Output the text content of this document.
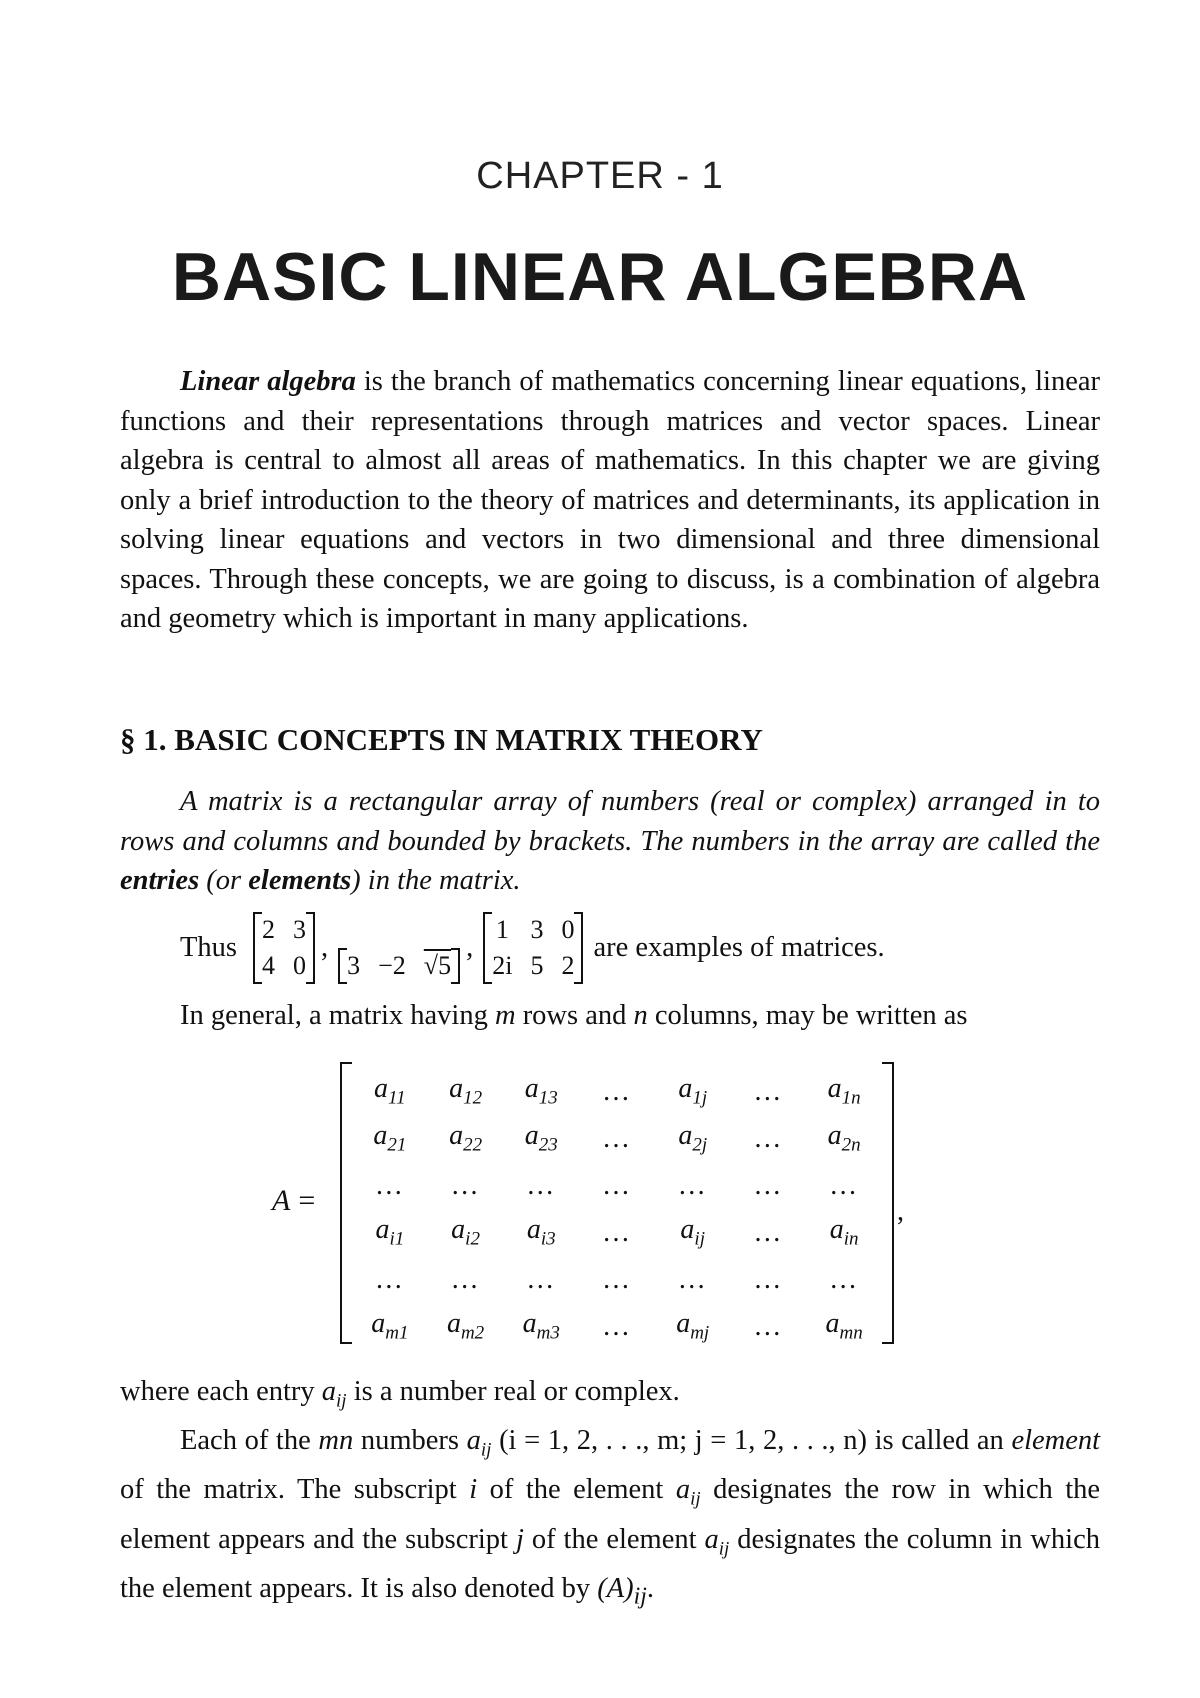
CHAPTER - 1
BASIC LINEAR ALGEBRA

Linear algebra is the branch of mathematics concerning linear equations, linear functions and their representations through matrices and vector spaces. Linear algebra is central to almost all areas of mathematics. In this chapter we are giving only a brief introduction to the theory of matrices and determinants, its application in solving linear equations and vectors in two dimensional and three dimensional spaces. Through these concepts, we are going to discuss, is a combination of algebra and geometry which is important in many applications.

§ 1. BASIC CONCEPTS IN MATRIX THEORY

A matrix is a rectangular array of numbers (real or complex) arranged in to rows and columns and bounded by brackets. The numbers in the array are called the entries (or elements) in the matrix.

Thus
2 3
4 0
,
3 −2 √5
,
1 3 0
2i 5 2
are examples of matrices.
In general, a matrix having m rows and n columns, may be written as
A =
$a_{11}$ $a_{12}$ $a_{13}$ … $a_{1j}$ … $a_{1n}$
$a_{21}$ $a_{22}$ $a_{23}$ … $a_{2j}$ … $a_{2n}$
… … … … … … …
$a_{i1}$ $a_{i2}$ $a_{i3}$ … $a_{ij}$ … $a_{in}$
… … … … … … …
$a_{m1}$ $a_{m2}$ $a_{m3}$ … $a_{mj}$ … $a_{mn}$
,

where each entry $a_{ij}$ is a number real or complex.

Each of the mn numbers $a_{ij}$ (i = 1, 2, . . ., m; j = 1, 2, . . ., n) is called an element of the matrix. The subscript i of the element $a_{ij}$ designates the row in which the element appears and the subscript j of the element $a_{ij}$ designates the column in which the element appears. It is also denoted by $(A)_{ij}$.
